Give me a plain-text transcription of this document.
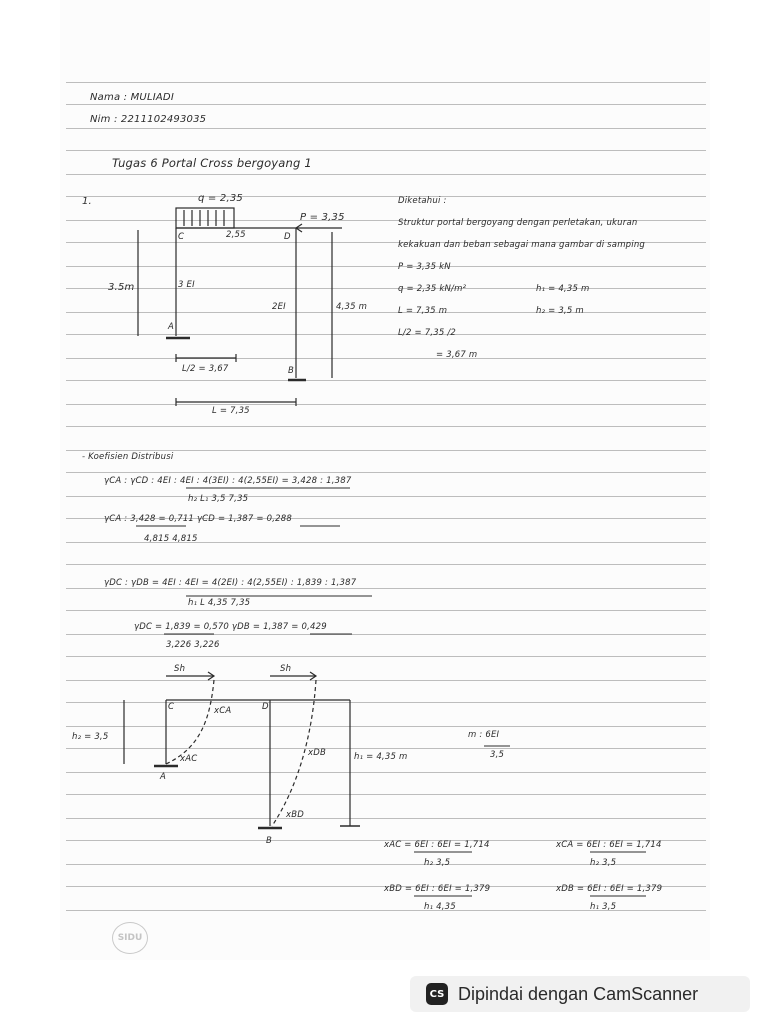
Nama : MULIADI
Nim : 2211102493035
Tugas 6 Portal Cross bergoyang 1
1.	q = 2,35
P = 3,35
C	D
2,55
3.5m	3 EI
2EI	4,35 m
A
B
L/2 = 3,67
L = 7,35
Diketahui :
Struktur portal bergoyang dengan perletakan, ukuran
kekakuan dan beban sebagai mana gambar di samping
P = 3,35 kN
q = 2,35 kN/m²	h₁ = 4,35 m
L = 7,35 m	h₂ = 3,5 m
L/2 = 7,35 /2
= 3,67 m
- Koefisien Distribusi
γCA : γCD : 4EI : 4EI : 4(3EI) : 4(2,55EI) = 3,428 : 1,387
h₂ L₁ 3,5 7,35
γCA : 3,428 = 0,711 γCD = 1,387 = 0,288
4,815 4,815
γDC : γDB = 4EI : 4EI = 4(2EI) : 4(2,55EI) : 1,839 : 1,387
h₁ L 4,35 7,35
γDC = 1,839 = 0,570 γDB = 1,387 = 0,429
3,226 3,226
Sh	Sh
C	D
xCA
h₂ = 3,5
xDB	h₁ = 4,35 m
xAC
A
xBD
B
m : 6EI
3,5
xAC = 6EI : 6EI = 1,714
h₂ 3,5
xCA = 6EI : 6EI = 1,714
h₂ 3,5
xBD = 6EI : 6EI = 1,379
h₁ 4,35
xDB = 6EI : 6EI = 1,379
h₁ 3,5
SIDU
CS Dipindai dengan CamScanner
